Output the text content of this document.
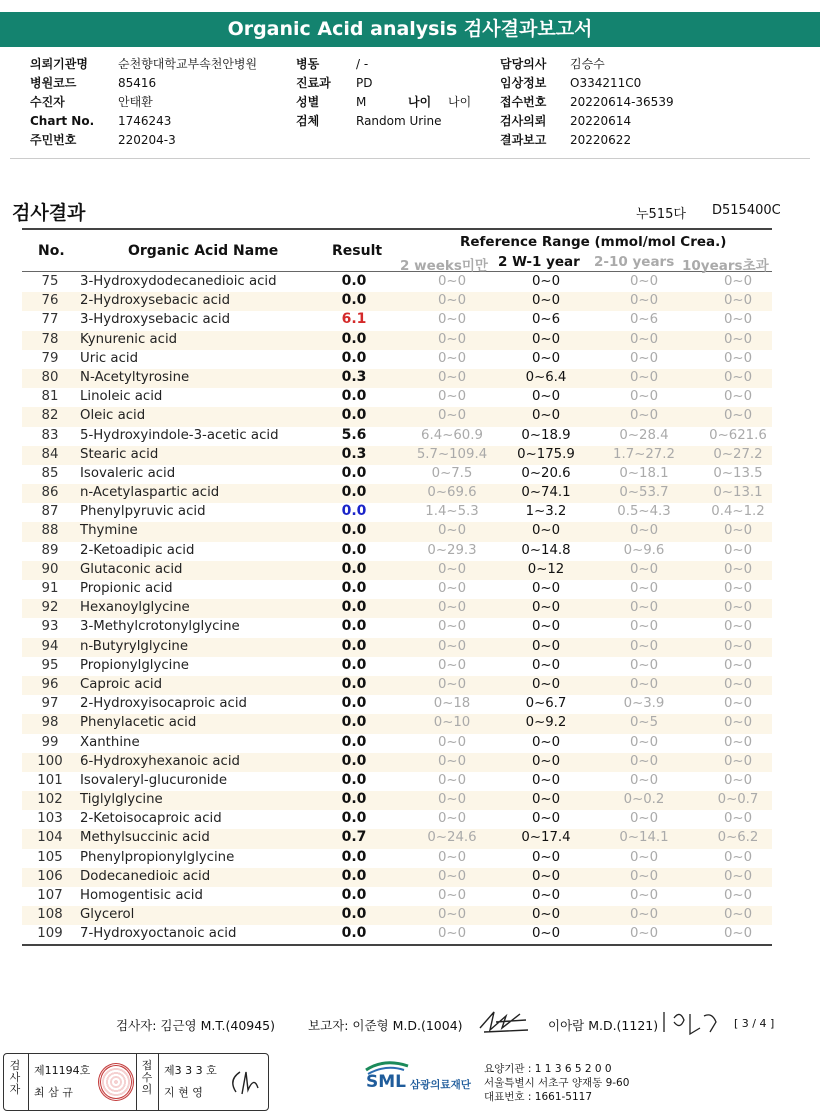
Organic Acid analysis 검사결과보고서
의뢰기관명	순천향대학교부속천안병원
병원코드	85416
수진자	안태환
Chart No. 1746243
주민번호	220204-3
병동	/ -
진료과 PD
성별	M	나이 나이
검체	Random Urine
담당의사 김승수
임상정보 O334211C0
접수번호 20220614-36539
검사의뢰 20220614
결과보고 20220622
검사결과	누515다 D515400C
No.	Organic Acid Name	Result
Reference Range (mmol/mol Crea.)
2 weeks미만 2 W-1 year 2-10 years 10years초과
75	3-Hydroxydodecanedioic acid	0.0	0~0	0~0	0~0	0~0
76	2-Hydroxysebacic acid	0.0	0~0	0~0	0~0	0~0
77	3-Hydroxysebacic acid	6.1	0~0	0~6	0~6	0~0
78	Kynurenic acid	0.0	0~0	0~0	0~0	0~0
79	Uric acid	0.0	0~0	0~0	0~0	0~0
80	N-Acetyltyrosine	0.3	0~0	0~6.4	0~0	0~0
81	Linoleic acid	0.0	0~0	0~0	0~0	0~0
82	Oleic acid	0.0	0~0	0~0	0~0	0~0
83	5-Hydroxyindole-3-acetic acid	5.6	6.4~60.9	0~18.9	0~28.4	0~621.6
84	Stearic acid	0.3	5.7~109.4	0~175.9	1.7~27.2	0~27.2
85	Isovaleric acid	0.0	0~7.5	0~20.6	0~18.1	0~13.5
86	n-Acetylaspartic acid	0.0	0~69.6	0~74.1	0~53.7	0~13.1
87	Phenylpyruvic acid	0.0	1.4~5.3	1~3.2	0.5~4.3	0.4~1.2
88	Thymine	0.0	0~0	0~0	0~0	0~0
89	2-Ketoadipic acid	0.0	0~29.3	0~14.8	0~9.6	0~0
90	Glutaconic acid	0.0	0~0	0~12	0~0	0~0
91	Propionic acid	0.0	0~0	0~0	0~0	0~0
92	Hexanoylglycine	0.0	0~0	0~0	0~0	0~0
93	3-Methylcrotonylglycine	0.0	0~0	0~0	0~0	0~0
94	n-Butyrylglycine	0.0	0~0	0~0	0~0	0~0
95	Propionylglycine	0.0	0~0	0~0	0~0	0~0
96	Caproic acid	0.0	0~0	0~0	0~0	0~0
97	2-Hydroxyisocaproic acid	0.0	0~18	0~6.7	0~3.9	0~0
98	Phenylacetic acid	0.0	0~10	0~9.2	0~5	0~0
99	Xanthine	0.0	0~0	0~0	0~0	0~0
100	6-Hydroxyhexanoic acid	0.0	0~0	0~0	0~0	0~0
101	Isovaleryl-glucuronide	0.0	0~0	0~0	0~0	0~0
102	Tiglylglycine	0.0	0~0	0~0	0~0.2	0~0.7
103	2-Ketoisocaproic acid	0.0	0~0	0~0	0~0	0~0
104	Methylsuccinic acid	0.7	0~24.6	0~17.4	0~14.1	0~6.2
105	Phenylpropionylglycine	0.0	0~0	0~0	0~0	0~0
106	Dodecanedioic acid	0.0	0~0	0~0	0~0	0~0
107	Homogentisic acid	0.0	0~0	0~0	0~0	0~0
108	Glycerol	0.0	0~0	0~0	0~0	0~0
109	7-Hydroxyoctanoic acid	0.0	0~0	0~0	0~0	0~0
검사자: 김근영 M.T.(40945)	보고자: 이준형 M.D.(1004)	이아람 M.D.(1121)	[ 3 / 4 ]
검사자
제11194호
최 삼 규
접수의
제3 3 3 호
지 현 영
SML 삼광의료재단
요양기관 : 1 1 3 6 5 2 0 0
서울특별시 서초구 양재동 9-60
대표번호 : 1661-5117
